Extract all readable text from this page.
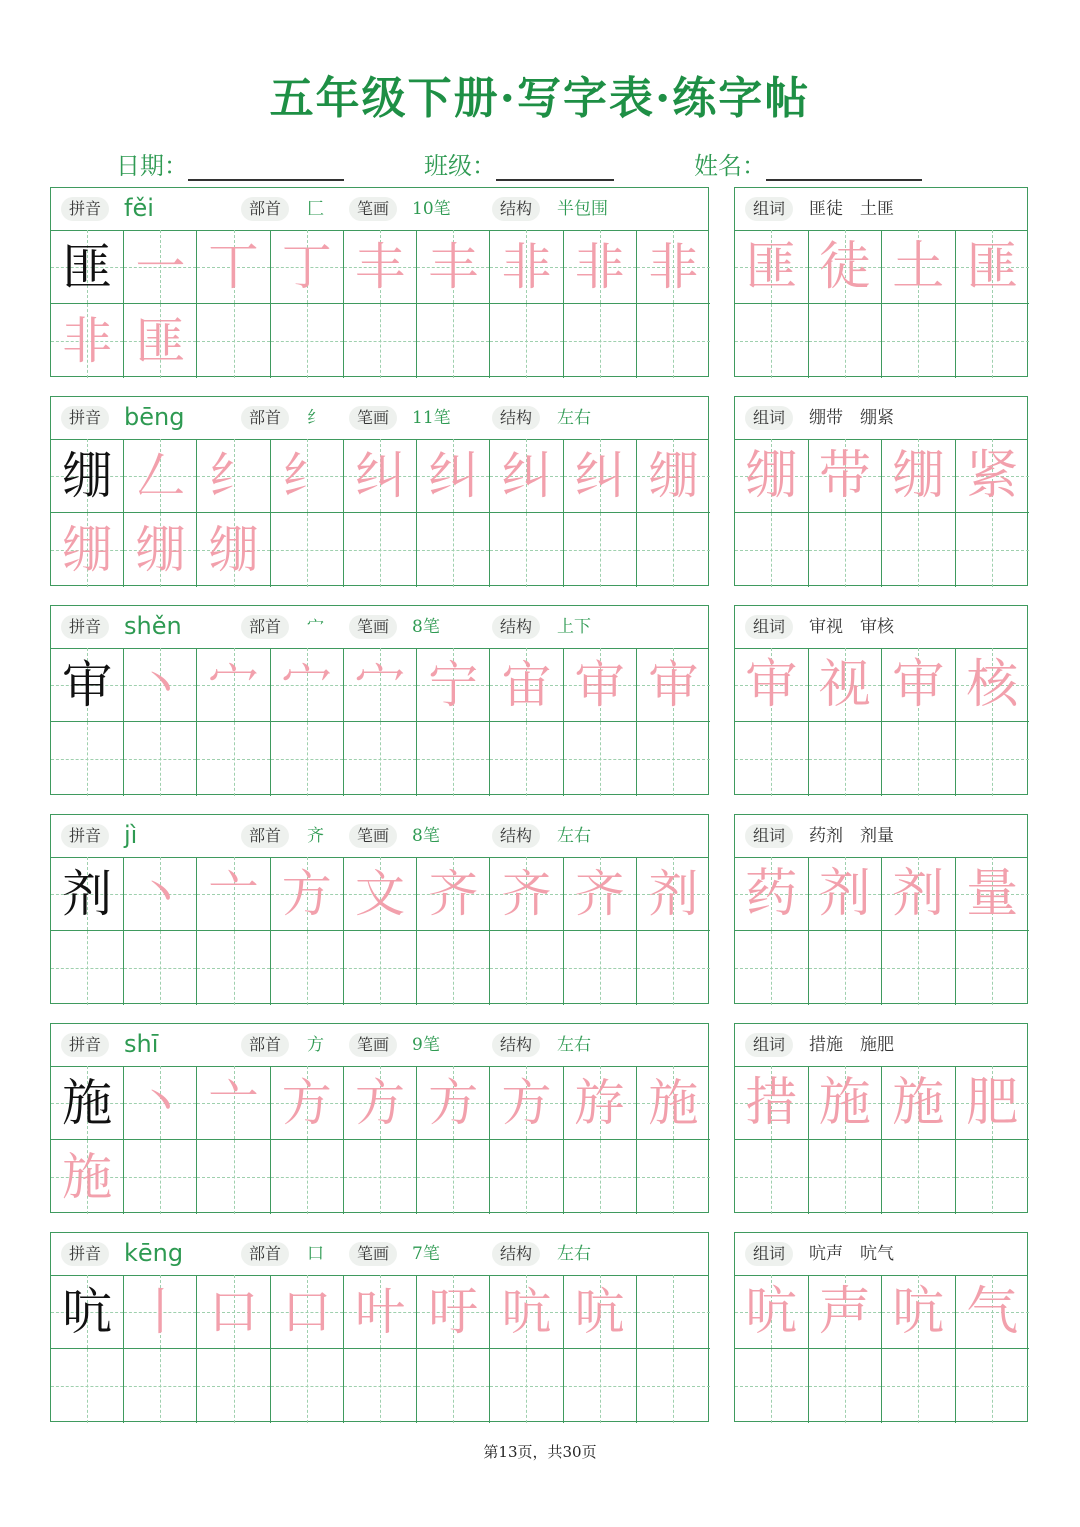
五年级下册·写字表·练字帖
日期：	班级：	姓名：
拼音 fěi	部首	匚	笔画	10笔	结构	半包围
匪 一 丅 丁 丰 丰 非 非 非
非 匪
组词	匪徒　土匪
匪 徒 土 匪
拼音 bēng	部首	纟	笔画	11笔	结构	左右
绷 𠃋 纟 纟 纠 纠 纠 纠 绷
绷 绷 绷
组词	绷带　绷紧
绷 带 绷 紧
拼音 shěn	部首	宀	笔画	8笔	结构	上下
审 丶 宀 宀 宀 宁 宙 审 审
组词	审视　审核
审 视 审 核
拼音 jì	部首	齐	笔画	8笔	结构	左右
剂 丶 亠 方 文 齐 齐 齐 剂
组词	药剂　剂量
药 剂 剂 量
拼音 shī	部首	方	笔画	9笔	结构	左右
施 丶 亠 方 方 方 方 斿 施
施
组词	措施　施肥
措 施 施 肥
拼音 kēng	部首	口	笔画	7笔	结构	左右
吭 丨 口 口 叶 吁 吭 吭
组词	吭声　吭气
吭 声 吭 气
第13页，共30页
